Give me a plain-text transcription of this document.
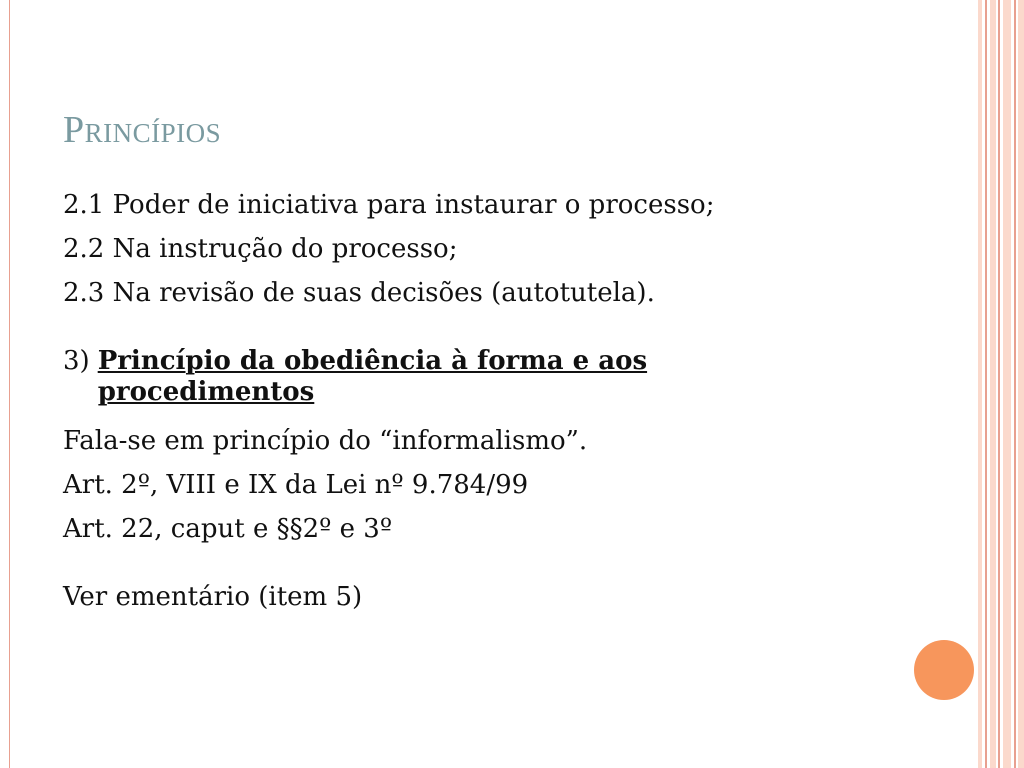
Princípios
2.1 Poder de iniciativa para instaurar o processo;
2.2 Na instrução do processo;
2.3 Na revisão de suas decisões (autotutela).
3) Princípio da obediência à forma e aos procedimentos
Fala-se em princípio do “informalismo”.
Art. 2º, VIII e IX da Lei nº 9.784/99
Art. 22, caput e §§2º e 3º
Ver ementário (item 5)
